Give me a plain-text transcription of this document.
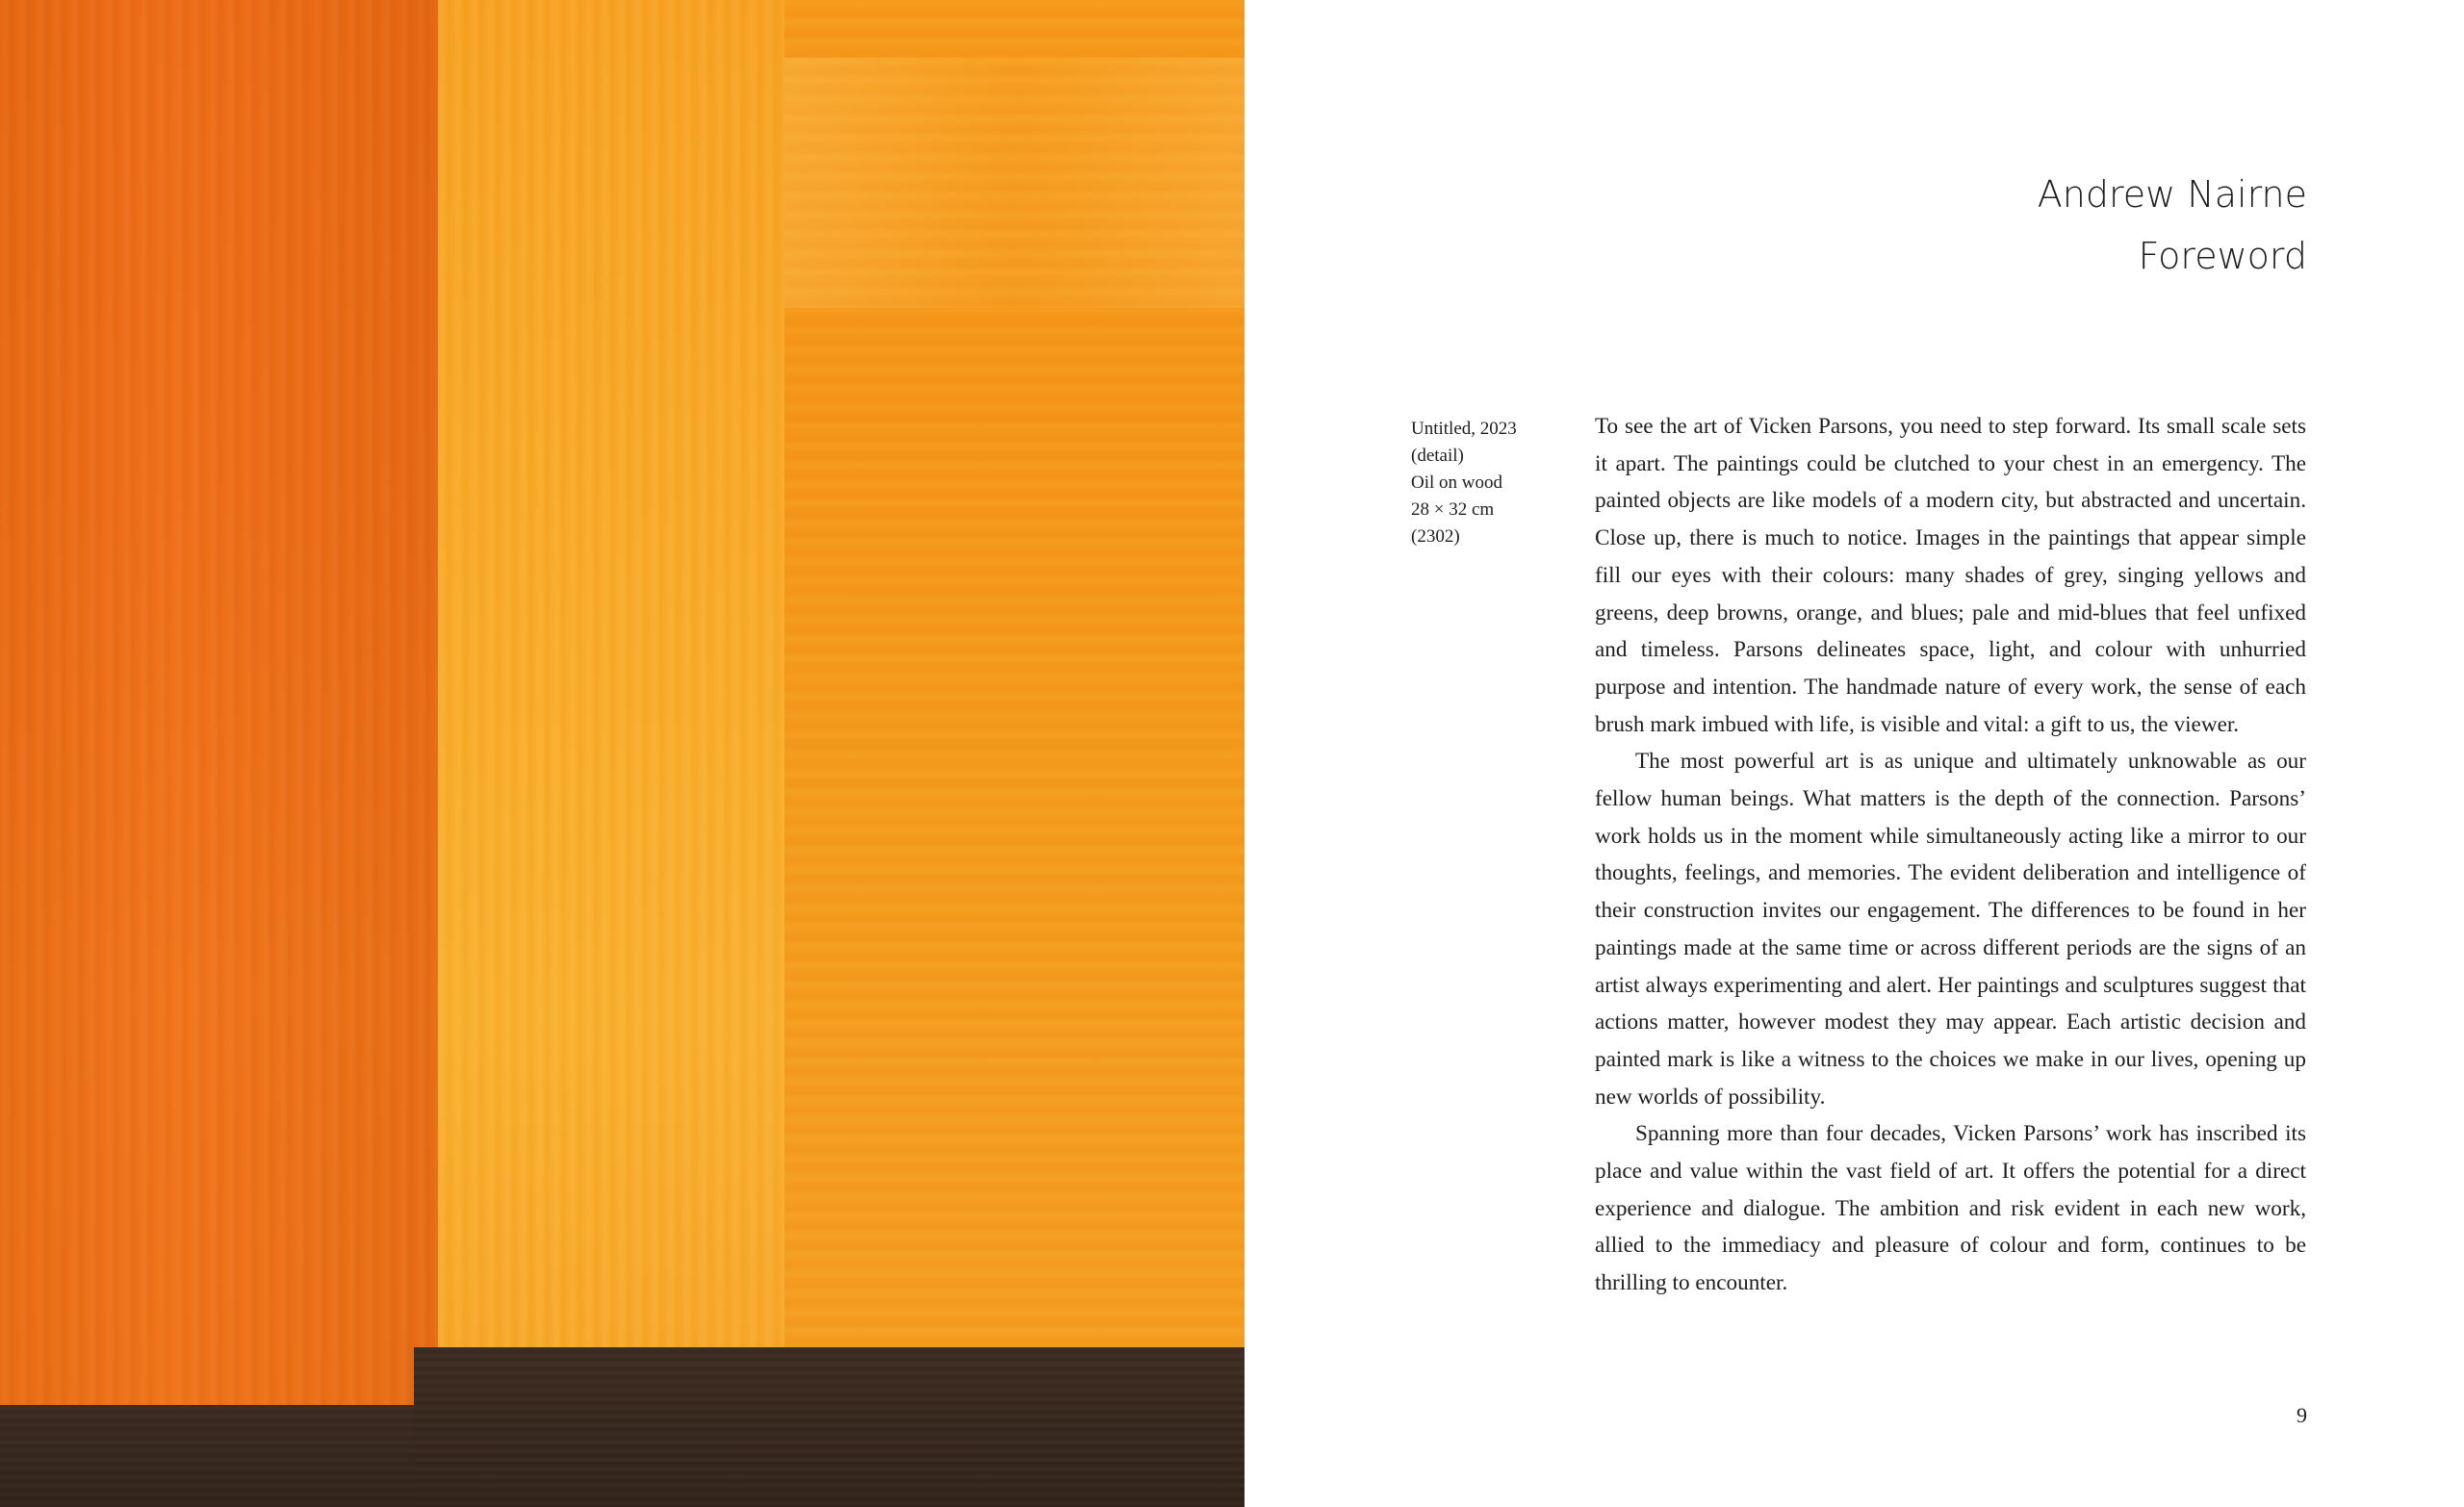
Andrew Nairne
Foreword
Untitled, 2023
(detail)
Oil on wood
28 × 32 cm
(2302)

To see the art of Vicken Parsons, you need to step forward. Its small scale sets it apart. The paintings could be clutched to your chest in an emergency. The painted objects are like models of a modern city, but abstracted and uncertain. Close up, there is much to notice. Images in the paintings that appear simple fill our eyes with their colours: many shades of grey, singing yellows and greens, deep browns, orange, and blues; pale and mid-blues that feel unfixed and timeless. Parsons delineates space, light, and colour with unhurried purpose and intention. The handmade nature of every work, the sense of each brush mark imbued with life, is visible and vital: a gift to us, the viewer.

The most powerful art is as unique and ultimately unknowable as our fellow human beings. What matters is the depth of the connection. Parsons’ work holds us in the moment while simultaneously acting like a mirror to our thoughts, feelings, and memories. The evident deliberation and intelligence of their construction invites our engagement. The differences to be found in her paintings made at the same time or across different periods are the signs of an artist always experimenting and alert. Her paintings and sculptures suggest that actions matter, however modest they may appear. Each artistic decision and painted mark is like a witness to the choices we make in our lives, opening up new worlds of possibility.

Spanning more than four decades, Vicken Parsons’ work has inscribed its place and value within the vast field of art. It offers the potential for a direct experience and dialogue. The ambition and risk evident in each new work, allied to the immediacy and pleasure of colour and form, continues to be thrilling to encounter.

9
